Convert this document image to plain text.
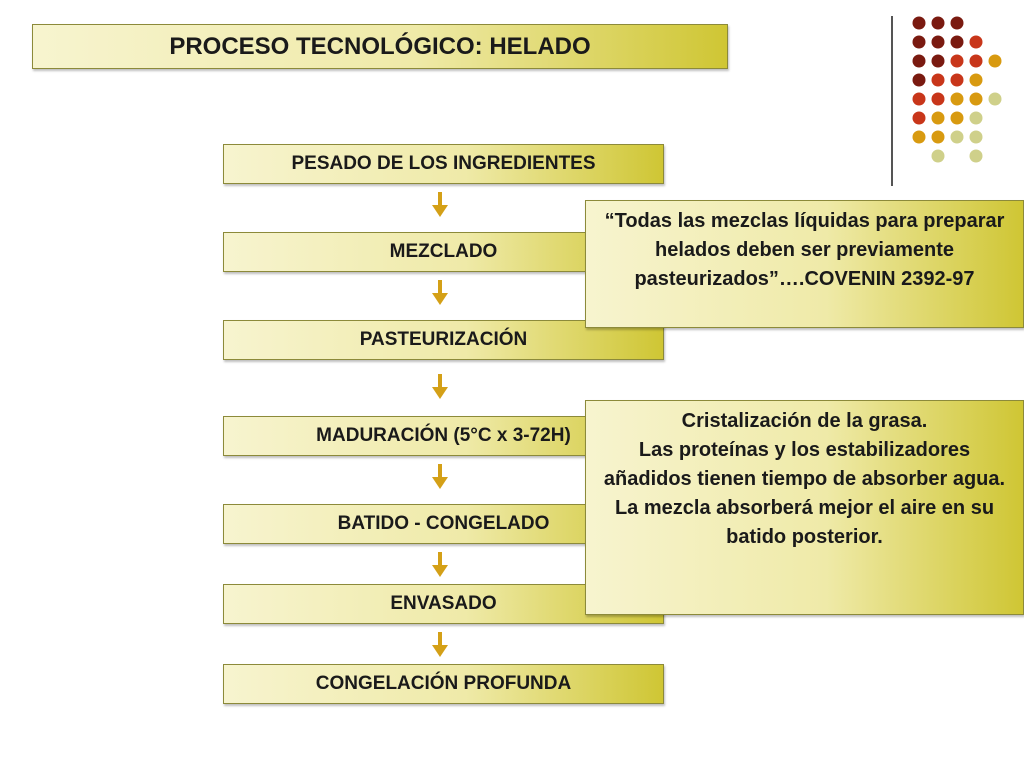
PROCESO TECNOLÓGICO: HELADO
PESADO DE LOS INGREDIENTES
MEZCLADO
PASTEURIZACIÓN
MADURACIÓN (5°C x 3-72H)
BATIDO - CONGELADO
ENVASADO
CONGELACIÓN PROFUNDA
“Todas las mezclas líquidas para preparar helados deben ser previamente pasteurizados”….COVENIN 2392-97

Cristalización de la grasa.

Las proteínas y los estabilizadores añadidos tienen tiempo de absorber agua.

La mezcla absorberá mejor el aire en su batido posterior.
